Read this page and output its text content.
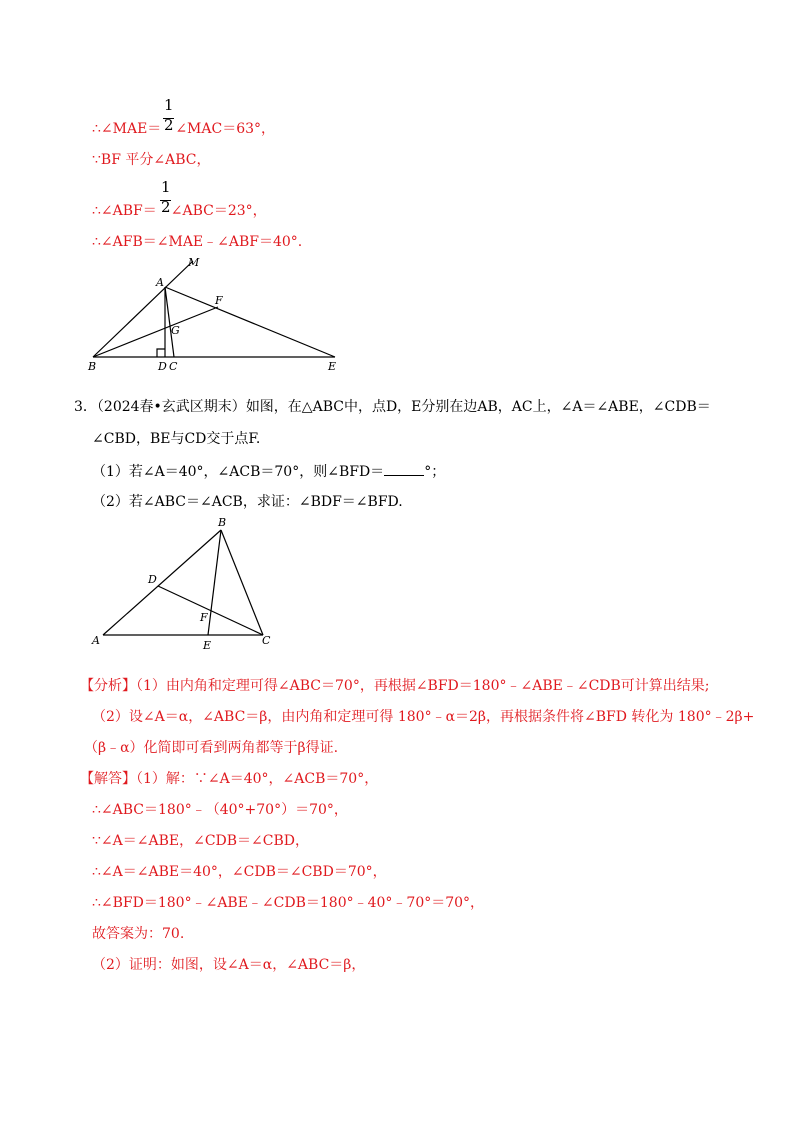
1
2
∴∠MAE＝ ∠MAC＝63°，
∵BF 平分∠ABC，
1
2
∴∠ABF＝ ∠ABC＝23°，
∴∠AFB＝∠MAE﹣∠ABF＝40°.
M
A
F
G
B	D C	E
3．（2024春•玄武区期末）如图，在△ABC中，点D，E分别在边AB，AC上，∠A＝∠ABE，∠CDB＝
∠CBD，BE与CD交于点F.
（1）若∠A＝40°，∠ACB＝70°，则∠BFD＝	°；
（2）若∠ABC＝∠ACB，求证：∠BDF＝∠BFD.
B
D
F
A	E	C
【分析】（1）由内角和定理可得∠ABC＝70°，再根据∠BFD＝180°﹣∠ABE﹣∠CDB可计算出结果;
（2）设∠A＝α，∠ABC＝β，由内角和定理可得 180°﹣α＝2β，再根据条件将∠BFD 转化为 180°﹣2β+
（β﹣α）化简即可看到两角都等于β得证.
【解答】（1）解：∵∠A＝40°，∠ACB＝70°，
∴∠ABC＝180°﹣（40°+70°）＝70°，
∵∠A＝∠ABE，∠CDB＝∠CBD，
∴∠A＝∠ABE＝40°，∠CDB＝∠CBD＝70°，
∴∠BFD＝180°﹣∠ABE﹣∠CDB＝180°﹣40°﹣70°＝70°，
故答案为：70.
（2）证明：如图，设∠A＝α，∠ABC＝β，
